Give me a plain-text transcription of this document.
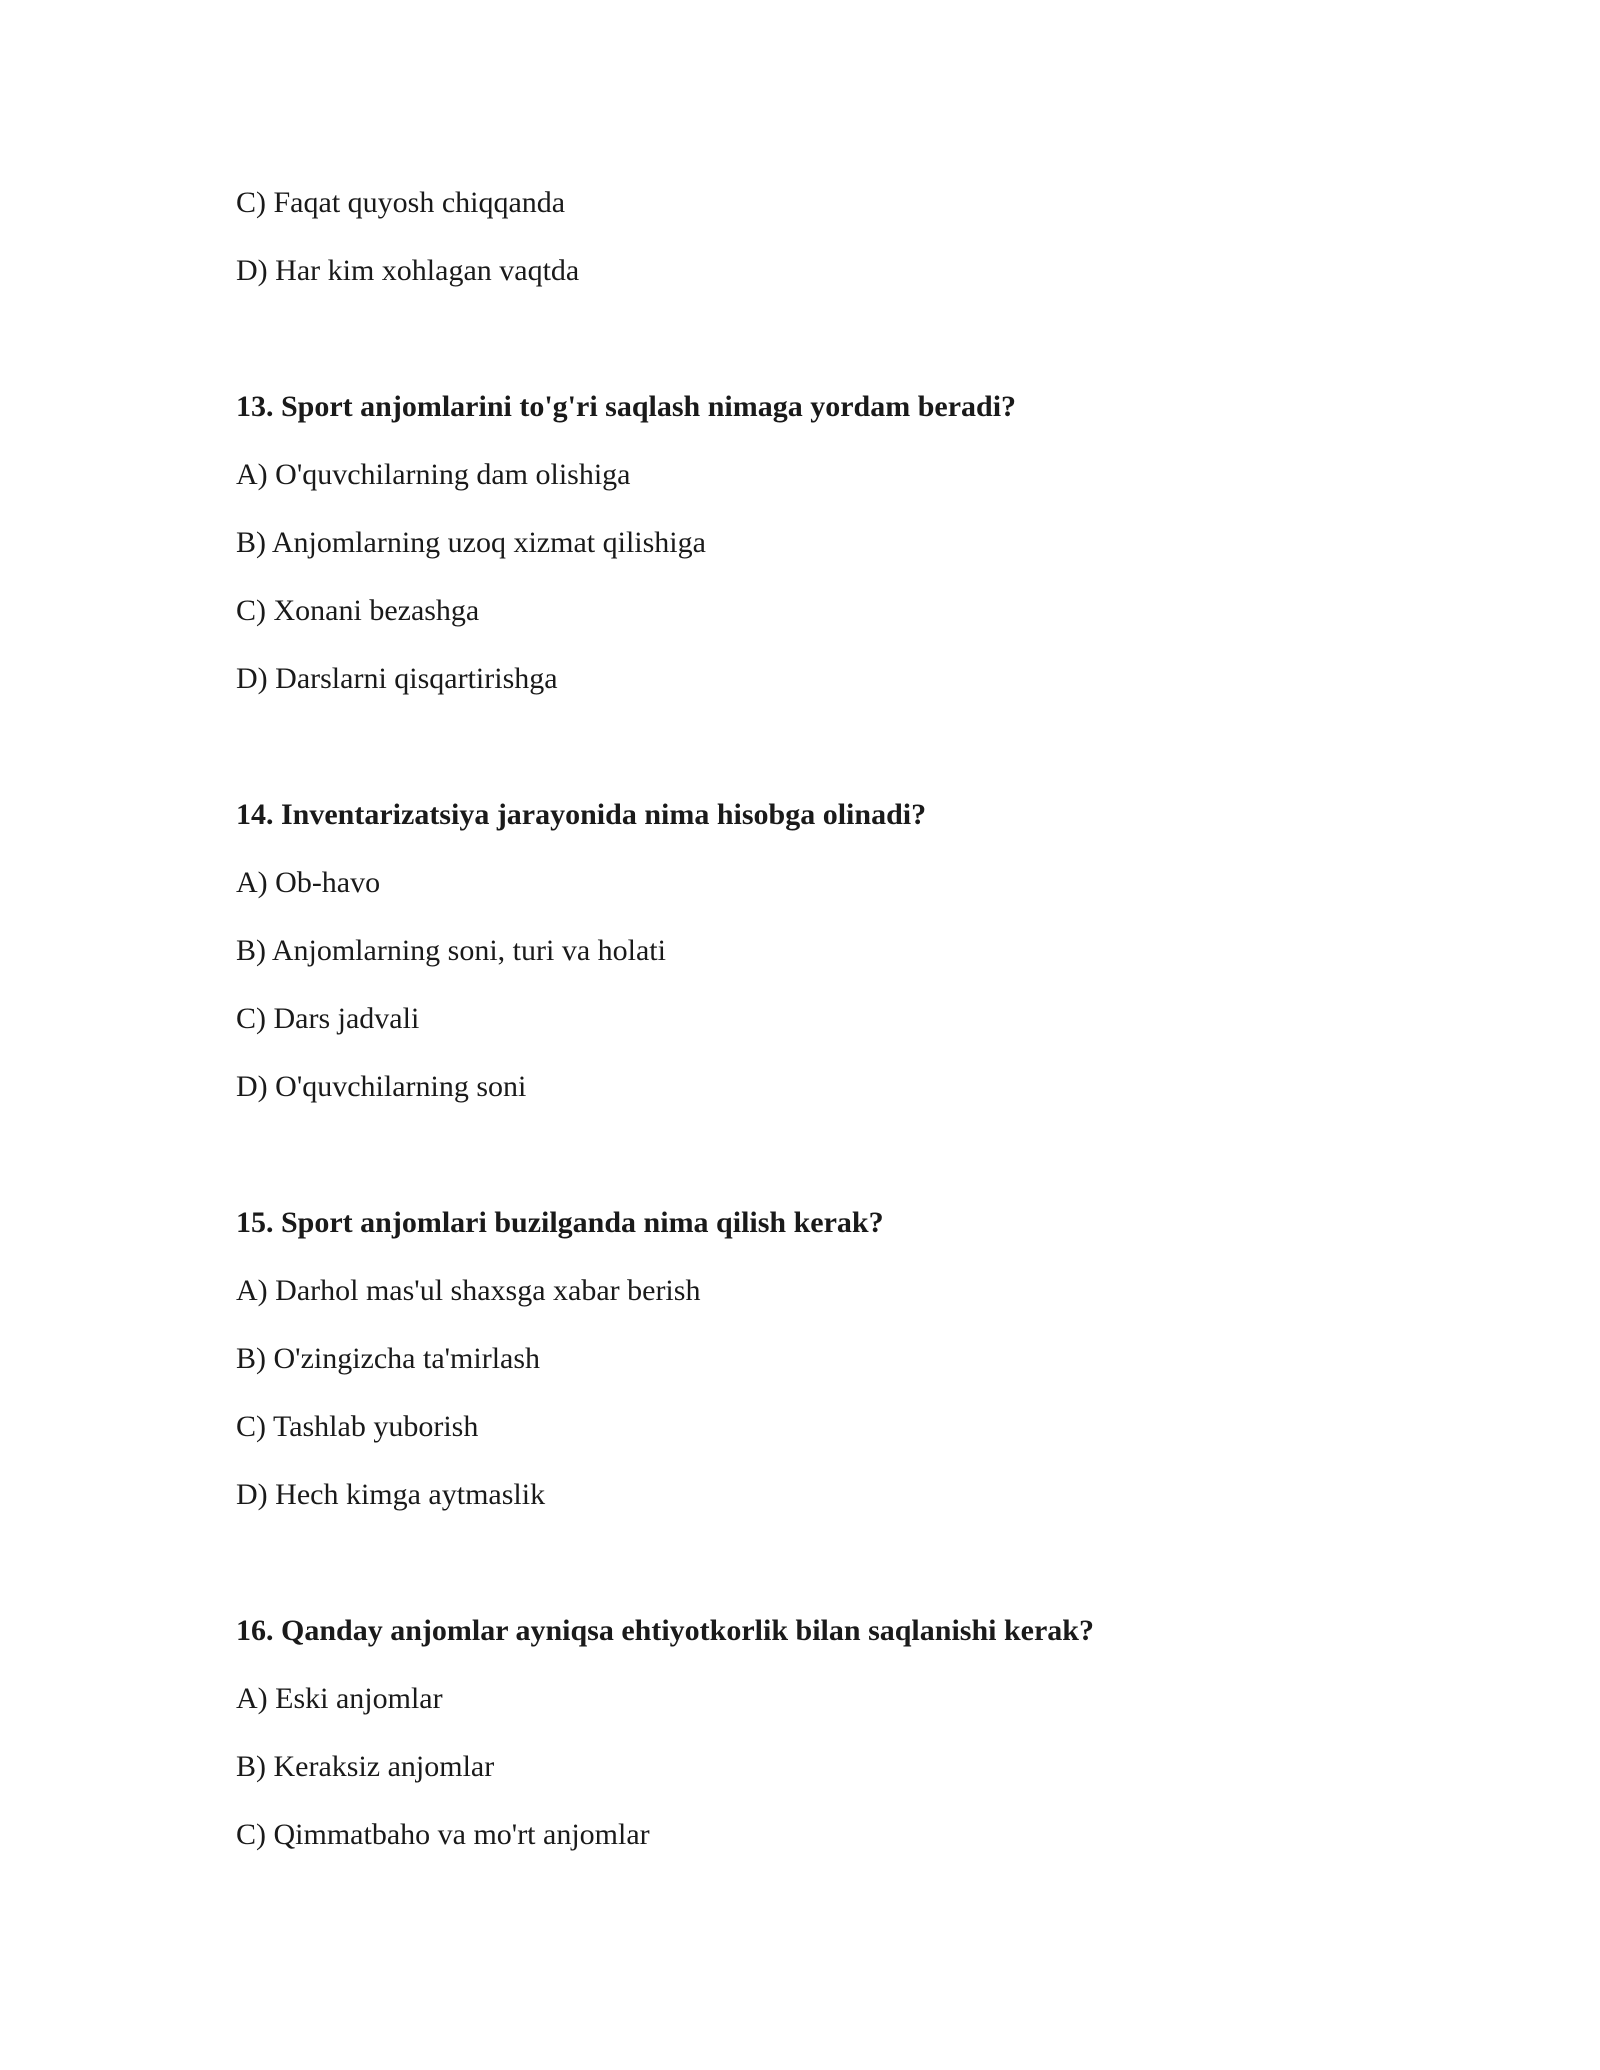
C) Faqat quyosh chiqqanda
D) Har kim xohlagan vaqtda
13. Sport anjomlarini to'g'ri saqlash nimaga yordam beradi?
A) O'quvchilarning dam olishiga
B) Anjomlarning uzoq xizmat qilishiga
C) Xonani bezashga
D) Darslarni qisqartirishga
14. Inventarizatsiya jarayonida nima hisobga olinadi?
A) Ob-havo
B) Anjomlarning soni, turi va holati
C) Dars jadvali
D) O'quvchilarning soni
15. Sport anjomlari buzilganda nima qilish kerak?
A) Darhol mas'ul shaxsga xabar berish
B) O'zingizcha ta'mirlash
C) Tashlab yuborish
D) Hech kimga aytmaslik
16. Qanday anjomlar ayniqsa ehtiyotkorlik bilan saqlanishi kerak?
A) Eski anjomlar
B) Keraksiz anjomlar
C) Qimmatbaho va mo'rt anjomlar
